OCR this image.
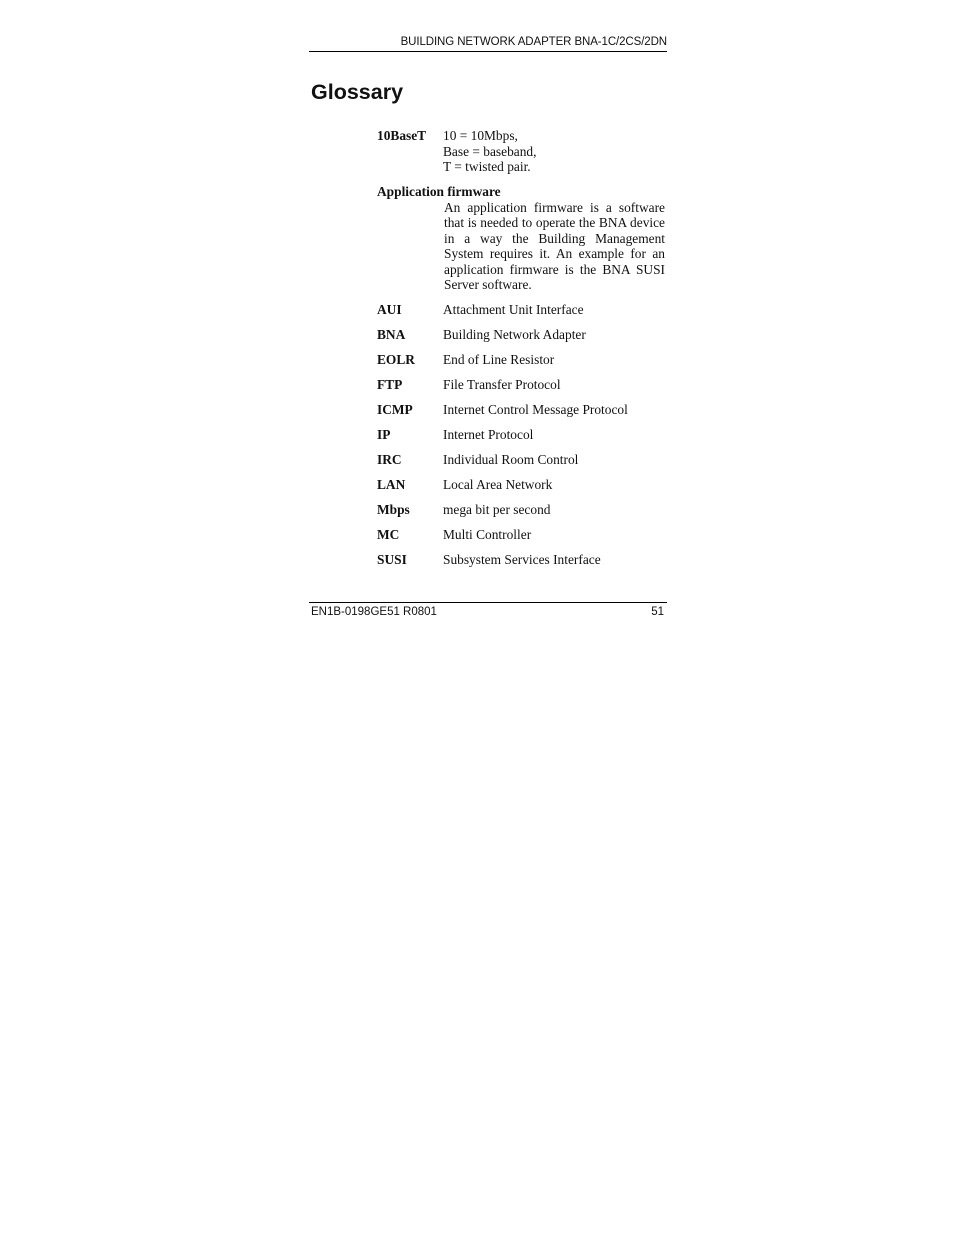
BUILDING NETWORK ADAPTER BNA-1C/2CS/2DN
Glossary
10BaseT	10 = 10Mbps,
Base = baseband,
T = twisted pair.
Application firmware
An application firmware is a software that is needed to operate the BNA device in a way the Building Management System requires it. An example for an application firmware is the BNA SUSI Server software.
AUI	Attachment Unit Interface
BNA	Building Network Adapter
EOLR	End of Line Resistor
FTP	File Transfer Protocol
ICMP	Internet Control Message Protocol
IP	Internet Protocol
IRC	Individual Room Control
LAN	Local Area Network
Mbps	mega bit per second
MC	Multi Controller
SUSI	Subsystem Services Interface
EN1B-0198GE51 R0801	51
